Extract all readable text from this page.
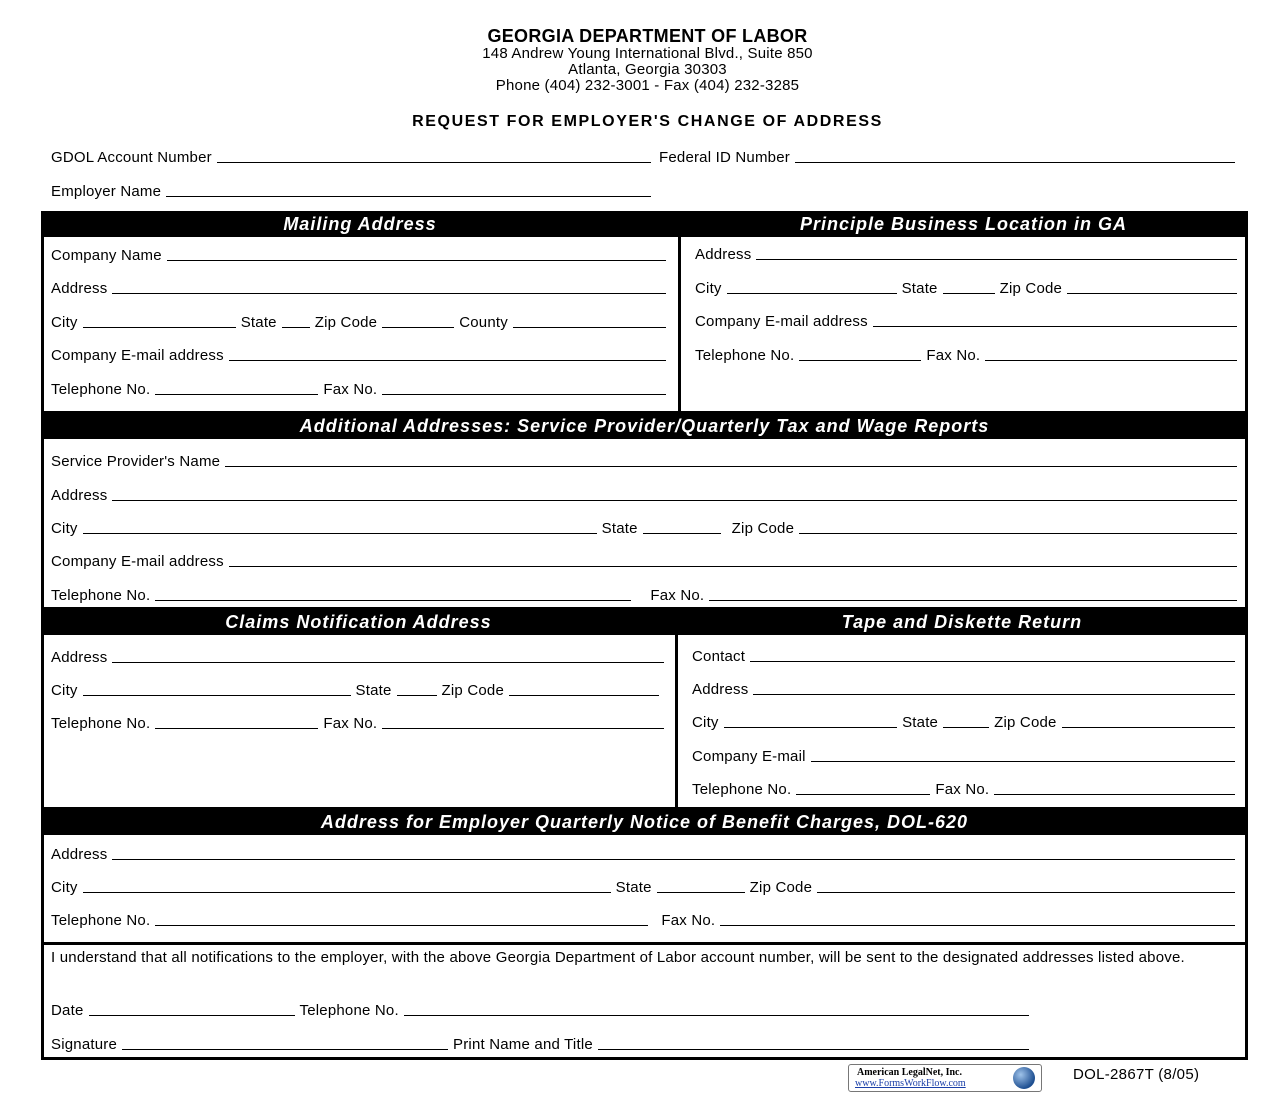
GEORGIA DEPARTMENT OF LABOR
148 Andrew Young International Blvd., Suite 850
Atlanta, Georgia 30303
Phone (404) 232-3001 - Fax (404) 232-3285
REQUEST FOR EMPLOYER'S CHANGE OF ADDRESS
GDOL Account Number	Federal ID Number
Employer Name
Mailing Address	Principle Business Location in GA
Company Name
Address
City	State	Zip Code	County
Company E-mail address
Telephone No.	Fax No.
Address
City	State	Zip Code
Company E-mail address
Telephone No.	Fax No.
Additional Addresses: Service Provider/Quarterly Tax and Wage Reports
Service Provider's Name
Address
City	State	Zip Code
Company E-mail address
Telephone No.	Fax No.
Claims Notification Address	Tape and Diskette Return
Address
City	State	Zip Code
Telephone No.	Fax No.
Contact
Address
City	State	Zip Code
Company E-mail
Telephone No.	Fax No.
Address for Employer Quarterly Notice of Benefit Charges, DOL-620
Address
City	State	Zip Code
Telephone No.	Fax No.
I understand that all notifications to the employer, with the above Georgia Department of Labor account number, will be sent to the designated addresses listed above.
Date	Telephone No.
Signature	Print Name and Title
American LegalNet, Inc.
www.FormsWorkFlow.com
DOL-2867T (8/05)
